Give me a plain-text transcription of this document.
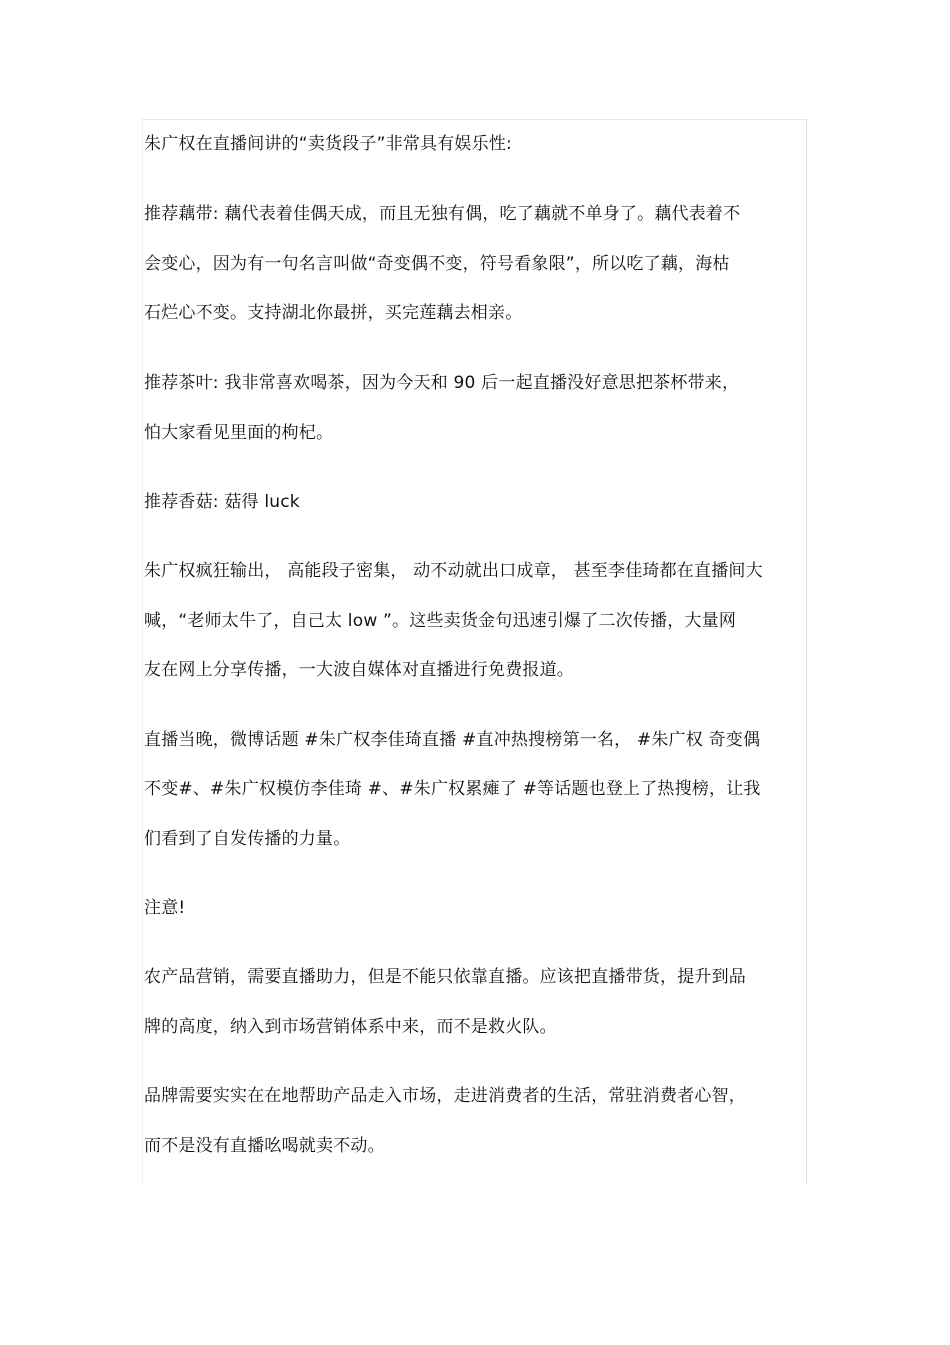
朱广权在直播间讲的“卖货段子”非常具有娱乐性:
推荐藕带: 藕代表着佳偶天成，而且无独有偶，吃了藕就不单身了。藕代表着不
会变心，因为有一句名言叫做“奇变偶不变，符号看象限”，所以吃了藕，海枯
石烂心不变。支持湖北你最拼，买完莲藕去相亲。
推荐茶叶: 我非常喜欢喝茶，因为今天和 90 后一起直播没好意思把茶杯带来，
怕大家看见里面的枸杞。
推荐香菇: 菇得 luck
朱广权疯狂输出， 高能段子密集， 动不动就出口成章， 甚至李佳琦都在直播间大
喊，“老师太牛了，自己太 low ”。这些卖货金句迅速引爆了二次传播，大量网
友在网上分享传播，一大波自媒体对直播进行免费报道。
直播当晚，微博话题 #朱广权李佳琦直播 #直冲热搜榜第一名， #朱广权 奇变偶
不变#、#朱广权模仿李佳琦 #、#朱广权累瘫了 #等话题也登上了热搜榜，让我
们看到了自发传播的力量。
注意!
农产品营销，需要直播助力，但是不能只依靠直播。应该把直播带货，提升到品
牌的高度，纳入到市场营销体系中来，而不是救火队。
品牌需要实实在在地帮助产品走入市场，走进消费者的生活，常驻消费者心智，
而不是没有直播吆喝就卖不动。
